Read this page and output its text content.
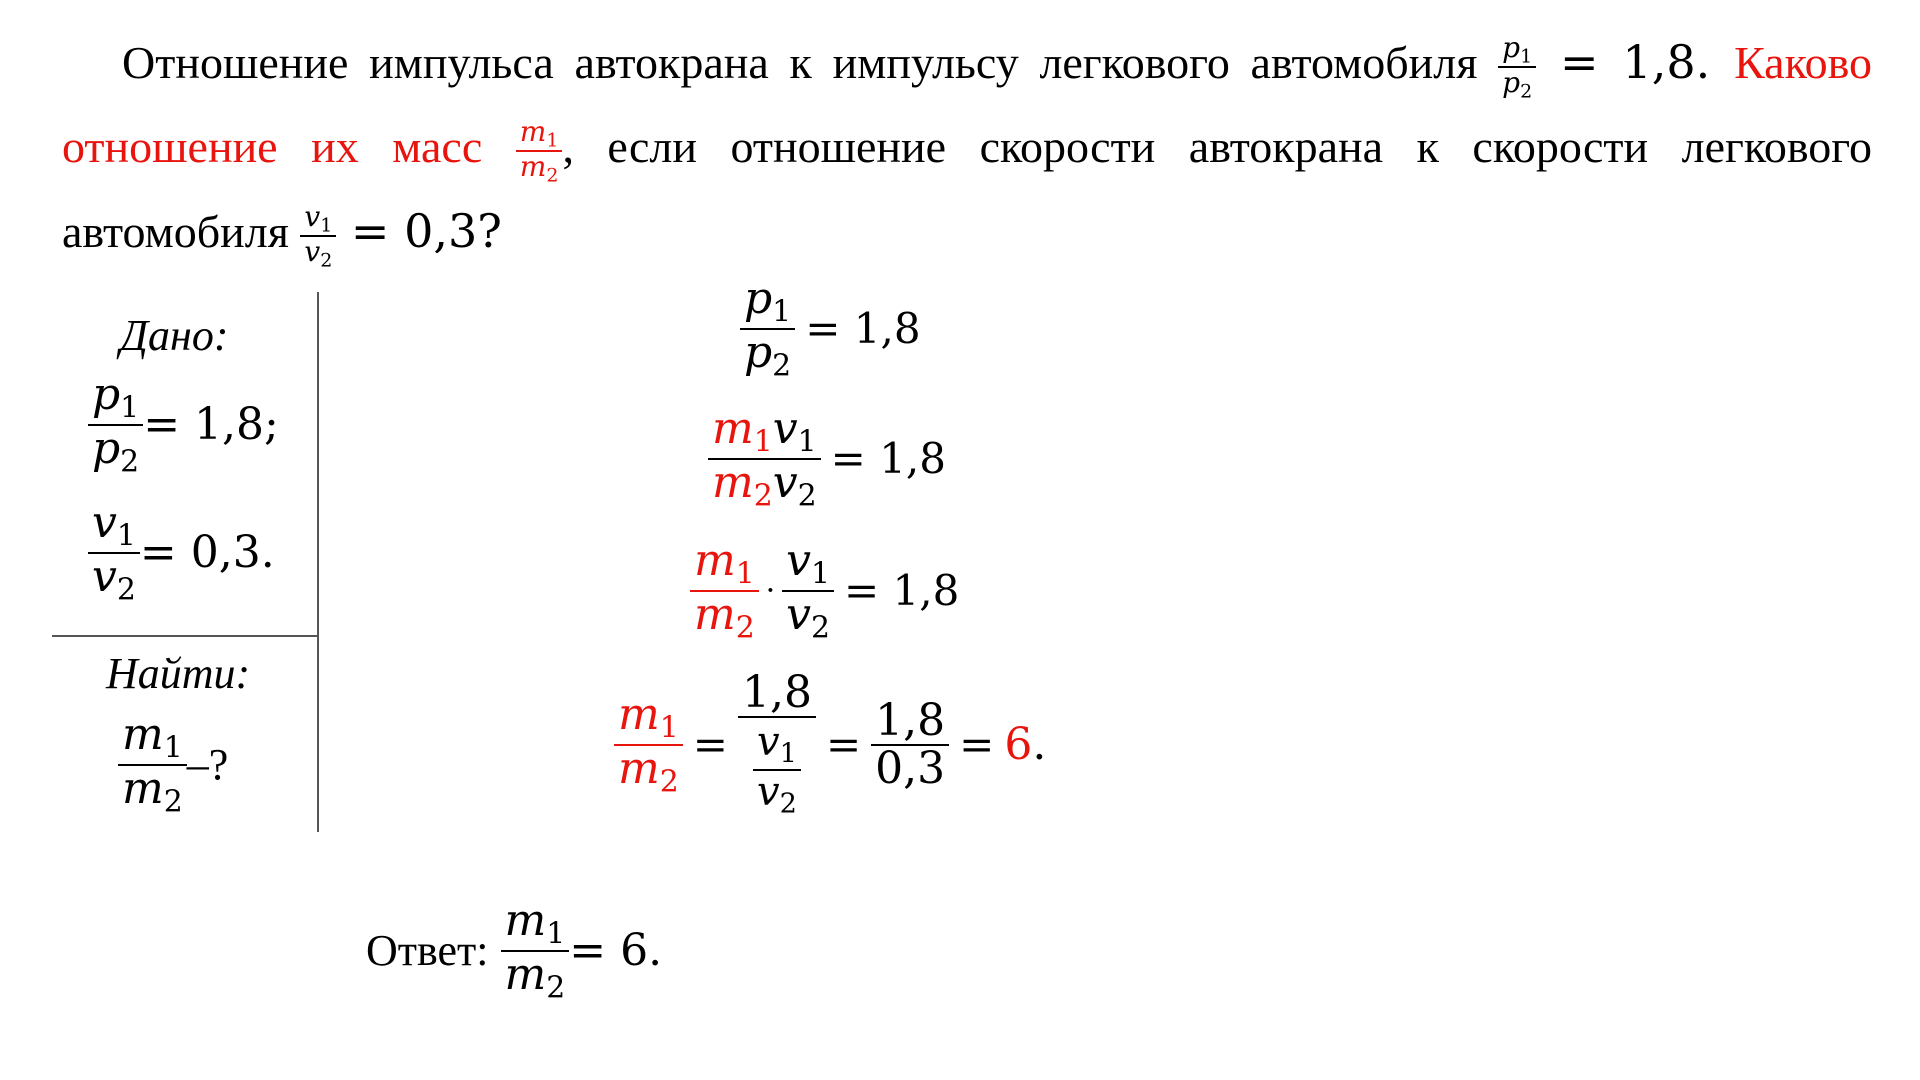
Отношение импульса автокрана к импульсу легкового автомобиля $\frac{p_1}{p_2} = 1,8$. Каково отношение их масс $\frac{m_1}{m_2}$ , если отношение скорости автокрана к скорости легкового автомобиля $\frac{v_1}{v_2} = 0,3$?
Дано:
$\frac{p_1}{p_2} = 1,8$;
$\frac{v_1}{v_2} = 0,3$.
Найти:
$\frac{m_1}{m_2}$ –?
$\frac{p_1}{p_2} = 1,8$
$\frac{m_1v_1}{m_2v_2} = 1,8$
$\frac{m_1}{m_2} \cdot \frac{v_1}{v_2} = 1,8$
$\frac{m_1}{m_2} = \frac{1,8}{\frac{v_1}{v_2}} = \frac{1,8}{0,3} = 6$ .
Ответ: $\frac{m_1}{m_2} = 6$.
